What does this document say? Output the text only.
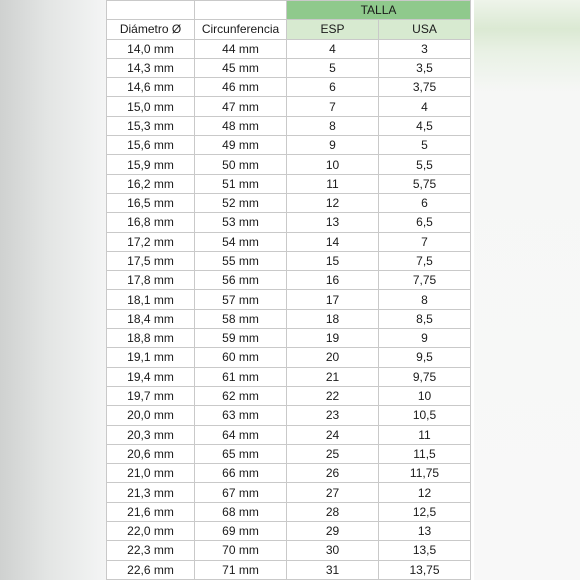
		TALLA	
Diámetro Ø	Circunferencia	ESP	USA
14,0 mm	44 mm	4	3
14,3 mm	45 mm	5	3,5
14,6 mm	46 mm	6	3,75
15,0 mm	47 mm	7	4
15,3 mm	48 mm	8	4,5
15,6 mm	49 mm	9	5
15,9 mm	50 mm	10	5,5
16,2 mm	51 mm	11	5,75
16,5 mm	52 mm	12	6
16,8 mm	53 mm	13	6,5
17,2 mm	54 mm	14	7
17,5 mm	55 mm	15	7,5
17,8 mm	56 mm	16	7,75
18,1 mm	57 mm	17	8
18,4 mm	58 mm	18	8,5
18,8 mm	59 mm	19	9
19,1 mm	60 mm	20	9,5
19,4 mm	61 mm	21	9,75
19,7 mm	62 mm	22	10
20,0 mm	63 mm	23	10,5
20,3 mm	64 mm	24	11
20,6 mm	65 mm	25	11,5
21,0 mm	66 mm	26	11,75
21,3 mm	67 mm	27	12
21,6 mm	68 mm	28	12,5
22,0 mm	69 mm	29	13
22,3 mm	70 mm	30	13,5
22,6 mm	71 mm	31	13,75
